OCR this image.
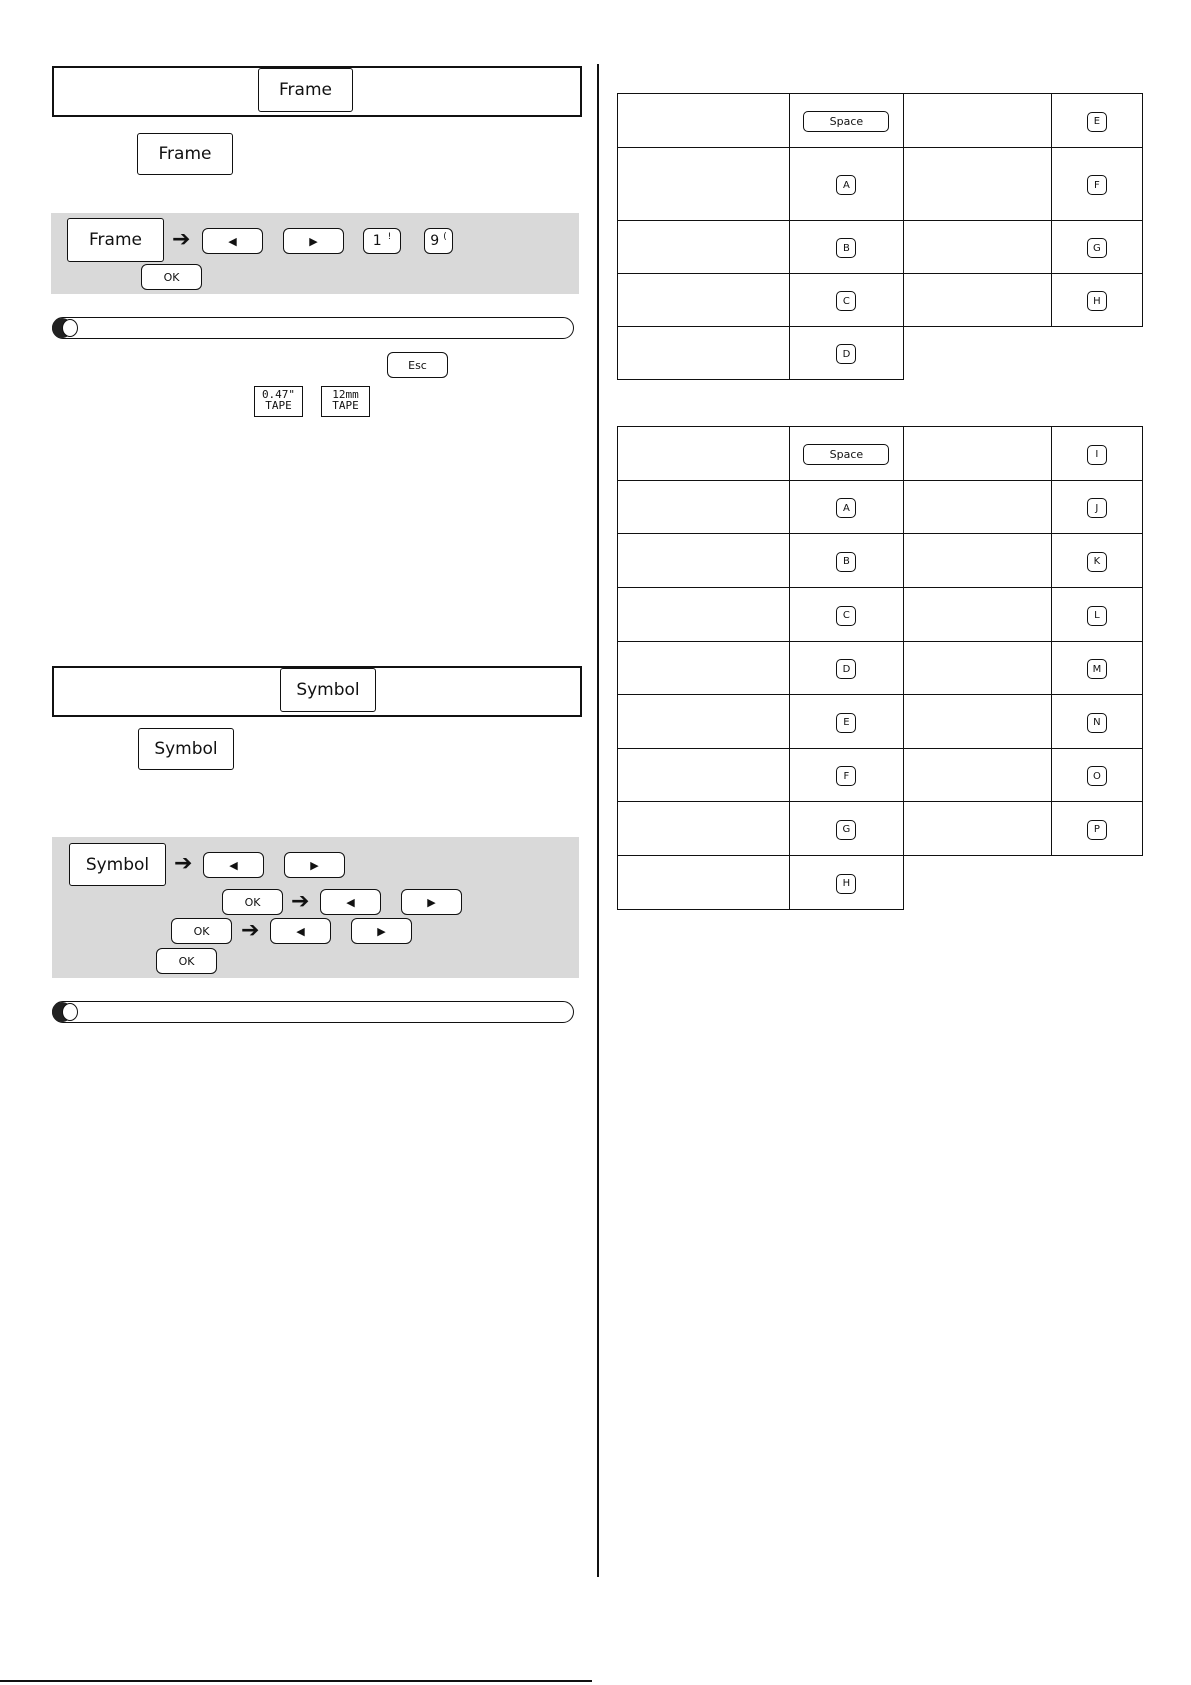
Frame
Frame
Frame	➔	◀	▶	1 !	9 (
OK
Esc
0.47"
TAPE
12mm
TAPE
Symbol
Symbol
Symbol	➔	◀	▶
OK	➔	◀	▶
OK	➔	◀	▶
OK
	Space		E
	A		F
	B		G
	C		H
	D		
	Space		I
	A		J
	B		K
	C		L
	D		M
	E		N
	F		O
	G		P
	H		
